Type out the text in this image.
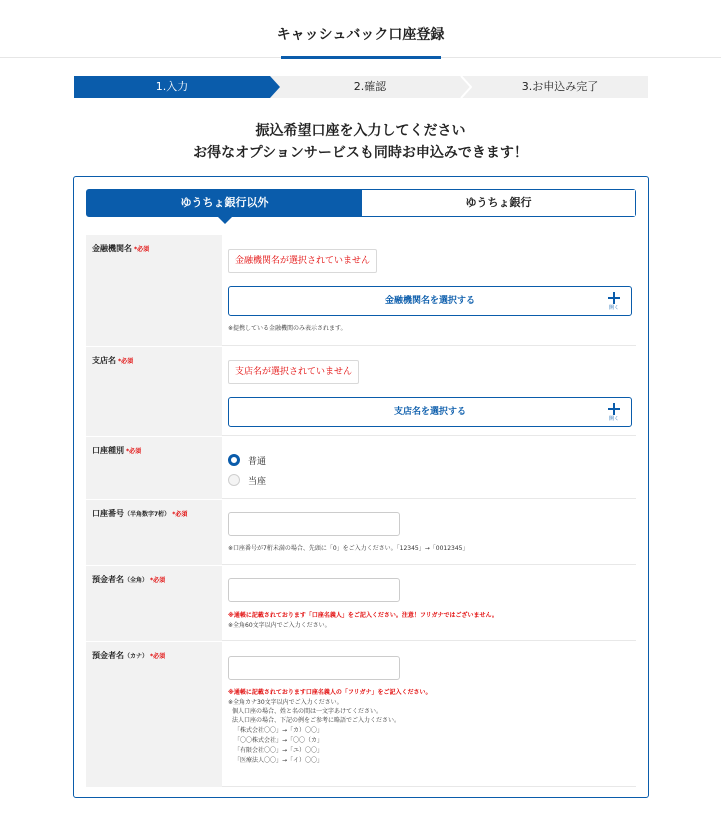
キャッシュバック口座登録
1.入力	2.確認	3.お申込み完了
振込希望口座を入力してください
お得なオプションサービスも同時お申込みできます！
ゆうちょ銀行以外	ゆうちょ銀行
金融機関名 *必須
金融機関名が選択されていません
金融機関名を選択する
開く
※提携している金融機関のみ表示されます。
支店名 *必須
支店名が選択されていません
支店名を選択する
開く
口座種別 *必須
普通
当座
口座番号（半角数字7桁） *必須
※口座番号が7桁未満の場合、先頭に「0」をご入力ください。「12345」→「0012345」
預金者名（全角） *必須
※通帳に記載されております「口座名義人」をご記入ください。注意！フリガナではございません。
※全角60文字以内でご入力ください。
預金者名（カナ） *必須
※通帳に記載されております口座名義人の「フリガナ」をご記入ください。
※全角カナ30文字以内でご入力ください。
個人口座の場合、姓と名の間は一文字あけてください。
法人口座の場合、下記の例をご参考に略語でご入力ください。
「株式会社〇〇」→「カ）〇〇」
「〇〇株式会社」→「〇〇（カ」
「有限会社〇〇」→「ユ）〇〇」
「医療法人〇〇」→「イ）〇〇」
